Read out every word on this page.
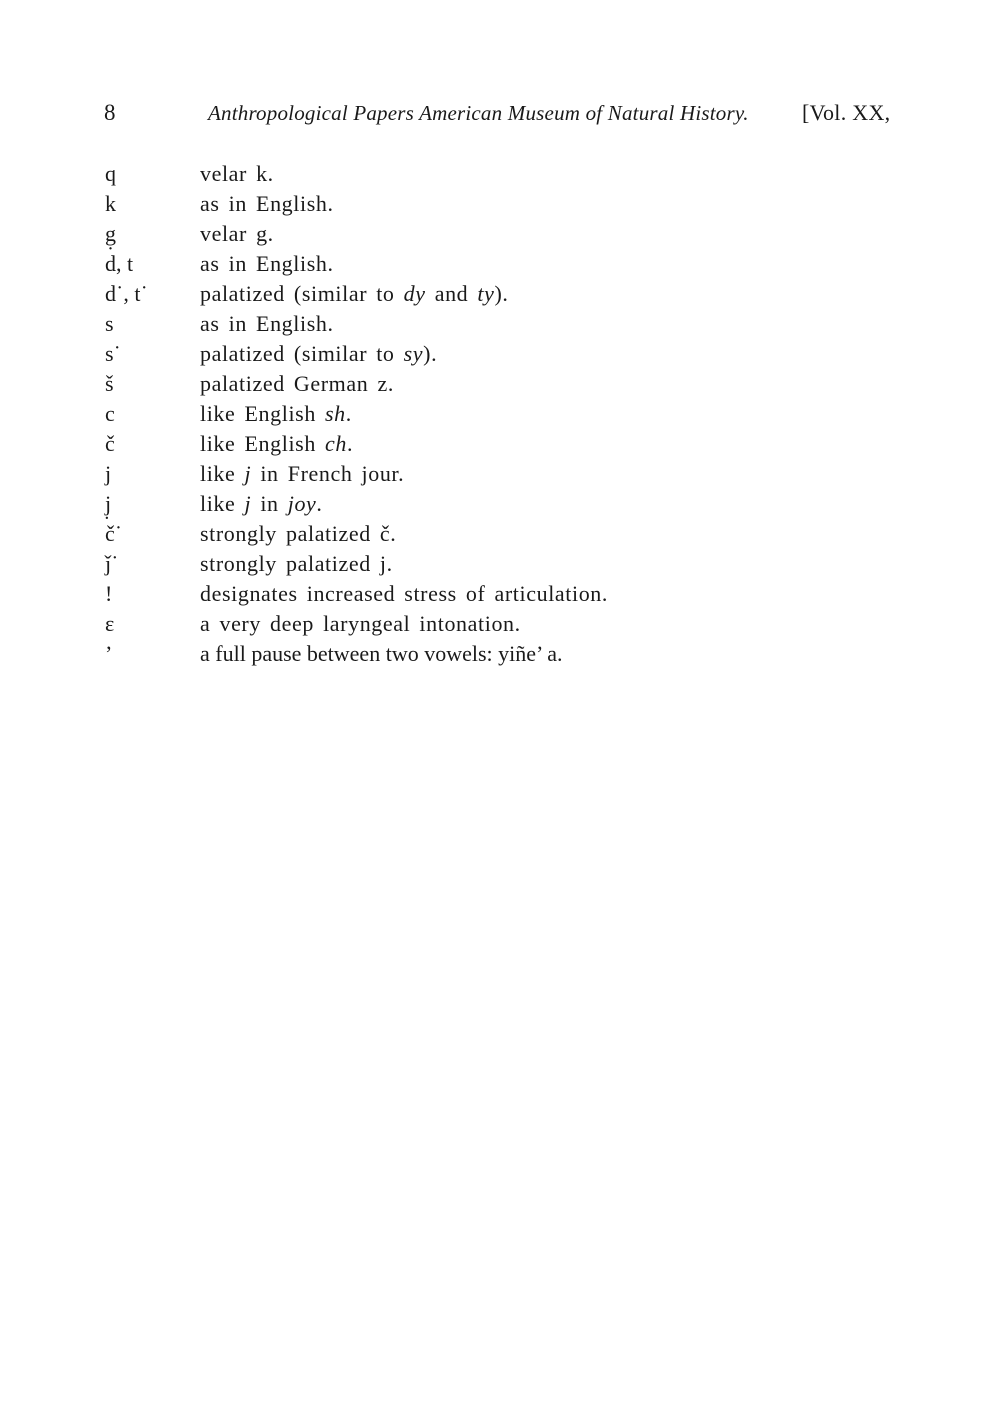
8	Anthropological Papers American Museum of Natural History. [Vol. XX,
q	velar k.
k	as in English.
g̣	velar g.
d, t	as in English.
d˙, t˙	palatized (similar to dy and ty).
s	as in English.
s˙	palatized (similar to sy).
š	palatized German z.
c	like English sh.
č	like English ch.
j	like j in French jour.
j̣	like j in joy.
č˙	strongly palatized č.
ǰ˙	strongly palatized j.
!	designates increased stress of articulation.
ε	a very deep laryngeal intonation.
’	a full pause between two vowels: yiñe’ a.
